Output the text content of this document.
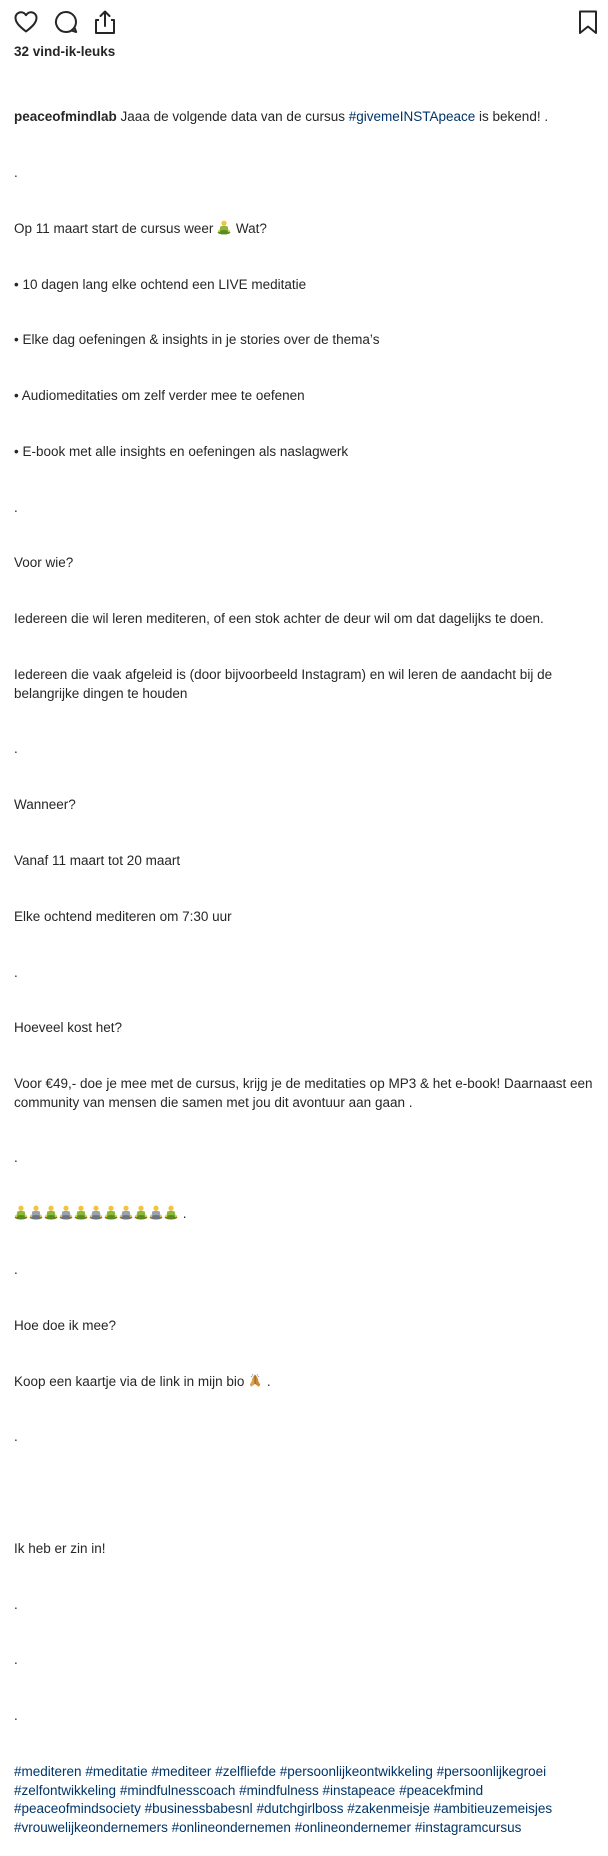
32 vind-ik-leuks

peaceofmindlab Jaaa de volgende data van de cursus #givemeINSTApeace is bekend! .

.

Op 11 maart start de cursus weer
Wat?

• 10 dagen lang elke ochtend een LIVE meditatie

• Elke dag oefeningen & insights in je stories over de thema’s

• Audiomeditaties om zelf verder mee te oefenen

• E-book met alle insights en oefeningen als naslagwerk

.

Voor wie?

Iedereen die wil leren mediteren, of een stok achter de deur wil om dat dagelijks te doen.

Iedereen die vaak afgeleid is (door bijvoorbeeld Instagram) en wil leren de aandacht bij de belangrijke dingen te houden

.

Wanneer?

Vanaf 11 maart tot 20 maart

Elke ochtend mediteren om 7:30 uur

.

Hoeveel kost het?

Voor €49,- doe je mee met de cursus, krijg je de meditaties op MP3 & het e-book! Daarnaast een community van mensen die samen met jou dit avontuur aan gaan .

.

.

.

Hoe doe ik mee?

Koop een kaartje via de link in mijn bio
.

.

Ik heb er zin in!

.

.

.

#mediteren #meditatie #mediteer #zelfliefde #persoonlijkeontwikkeling #persoonlijkegroei #zelfontwikkeling #mindfulnesscoach #mindfulness #instapeace #peacekfmind #peaceofmindsociety #businessbabesnl #dutchgirlboss #zakenmeisje #ambitieuzemeisjes #vrouwelijkeondernemers #onlineondernemen #onlineondernemer #instagramcursus
